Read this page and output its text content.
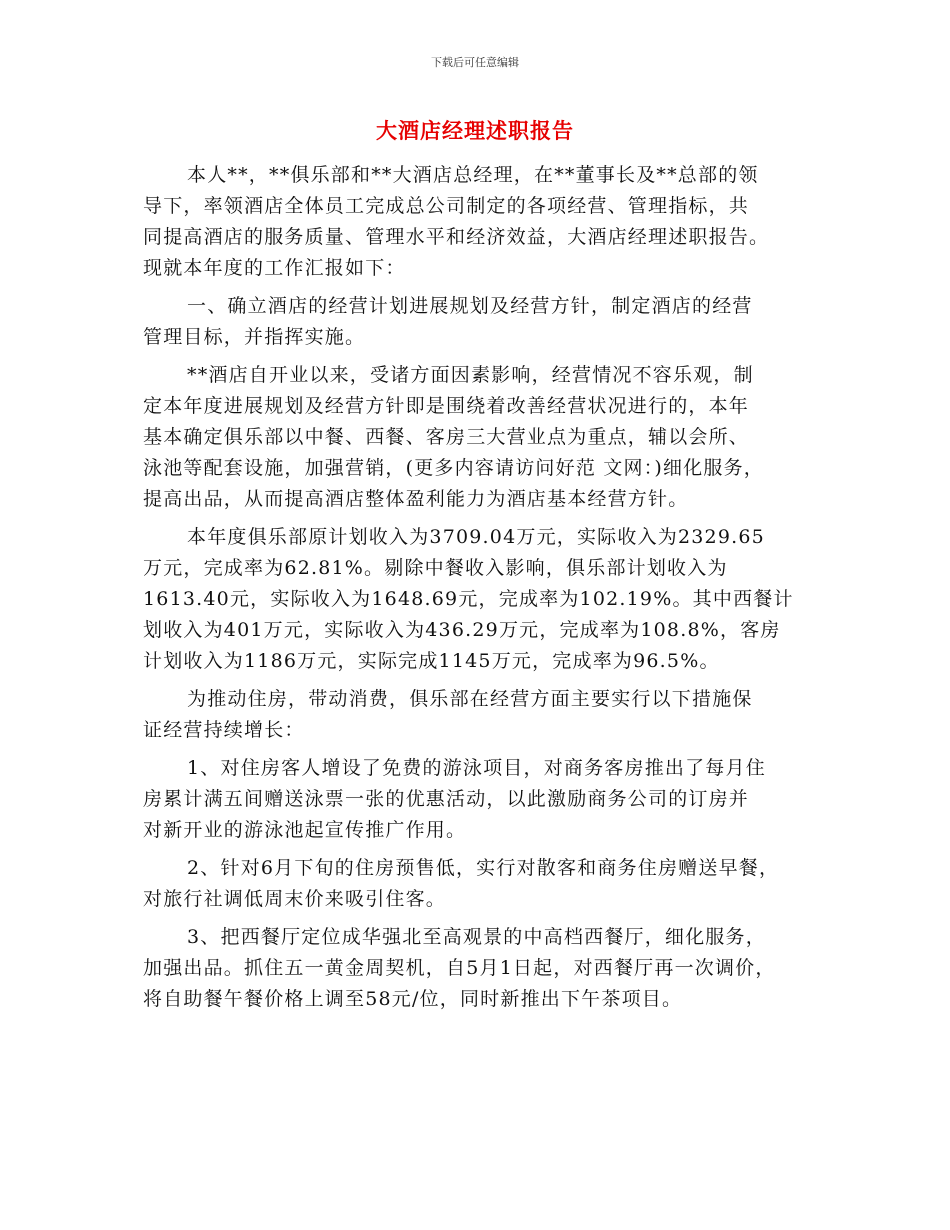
下载后可任意编辑
大酒店经理述职报告
本人**，**俱乐部和**大酒店总经理，在**董事长及**总部的领
导下，率领酒店全体员工完成总公司制定的各项经营、管理指标，共
同提高酒店的服务质量、管理水平和经济效益，大酒店经理述职报告。
现就本年度的工作汇报如下：
一、确立酒店的经营计划进展规划及经营方针，制定酒店的经营
管理目标，并指挥实施。
**酒店自开业以来，受诸方面因素影响，经营情况不容乐观，制
定本年度进展规划及经营方针即是围绕着改善经营状况进行的，本年
基本确定俱乐部以中餐、西餐、客房三大营业点为重点，辅以会所、
泳池等配套设施，加强营销，(更多内容请访问好范 文网：)细化服务，
提高出品，从而提高酒店整体盈利能力为酒店基本经营方针。
本年度俱乐部原计划收入为3709.04万元，实际收入为2329.65
万元，完成率为62.81%。剔除中餐收入影响，俱乐部计划收入为
1613.40元，实际收入为1648.69元，完成率为102.19%。其中西餐计
划收入为401万元，实际收入为436.29万元，完成率为108.8%，客房
计划收入为1186万元，实际完成1145万元，完成率为96.5%。
为推动住房，带动消费，俱乐部在经营方面主要实行以下措施保
证经营持续增长：
1、对住房客人增设了免费的游泳项目，对商务客房推出了每月住
房累计满五间赠送泳票一张的优惠活动，以此激励商务公司的订房并
对新开业的游泳池起宣传推广作用。
2、针对6月下旬的住房预售低，实行对散客和商务住房赠送早餐，
对旅行社调低周末价来吸引住客。
3、把西餐厅定位成华强北至高观景的中高档西餐厅，细化服务，
加强出品。抓住五一黄金周契机，自5月1日起，对西餐厅再一次调价，
将自助餐午餐价格上调至58元/位，同时新推出下午茶项目。
